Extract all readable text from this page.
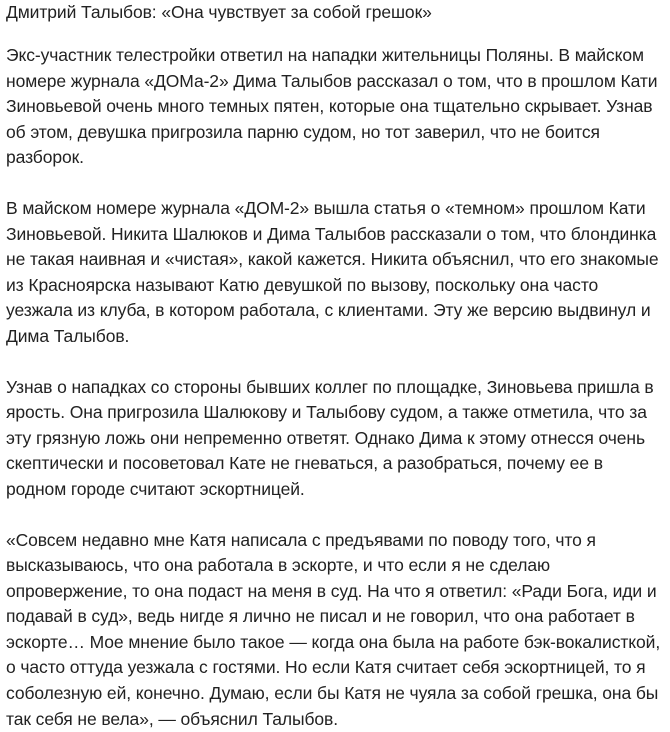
Дмитрий Талыбов: «Она чувствует за собой грешок»

Экс-участник телестройки ответил на нападки жительницы Поляны. В майском номере журнала «ДОМа-2» Дима Талыбов рассказал о том, что в прошлом Кати Зиновьевой очень много темных пятен, которые она тщательно скрывает. Узнав об этом, девушка пригрозила парню судом, но тот заверил, что не боится разборок.

В майском номере журнала «ДОМ-2» вышла статья о «темном» прошлом Кати Зиновьевой. Никита Шалюков и Дима Талыбов рассказали о том, что блондинка не такая наивная и «чистая», какой кажется. Никита объяснил, что его знакомые из Красноярска называют Катю девушкой по вызову, поскольку она часто уезжала из клуба, в котором работала, с клиентами. Эту же версию выдвинул и Дима Талыбов.

Узнав о нападках со стороны бывших коллег по площадке, Зиновьева пришла в ярость. Она пригрозила Шалюкову и Талыбову судом, а также отметила, что за эту грязную ложь они непременно ответят. Однако Дима к этому отнесся очень скептически и посоветовал Кате не гневаться, а разобраться, почему ее в родном городе считают эскортницей.

«Совсем недавно мне Катя написала с предъявами по поводу того, что я высказываюсь, что она работала в эскорте, и что если я не сделаю опровержение, то она подаст на меня в суд. На что я ответил: «Ради Бога, иди и подавай в суд», ведь нигде я лично не писал и не говорил, что она работает в эскорте… Мое мнение было такое — когда она была на работе бэк-вокалисткой, о часто оттуда уезжала с гостями. Но если Катя считает себя эскортницей, то я соболезную ей, конечно. Думаю, если бы Катя не чуяла за собой грешка, она бы так себя не вела», — объяснил Талыбов.
